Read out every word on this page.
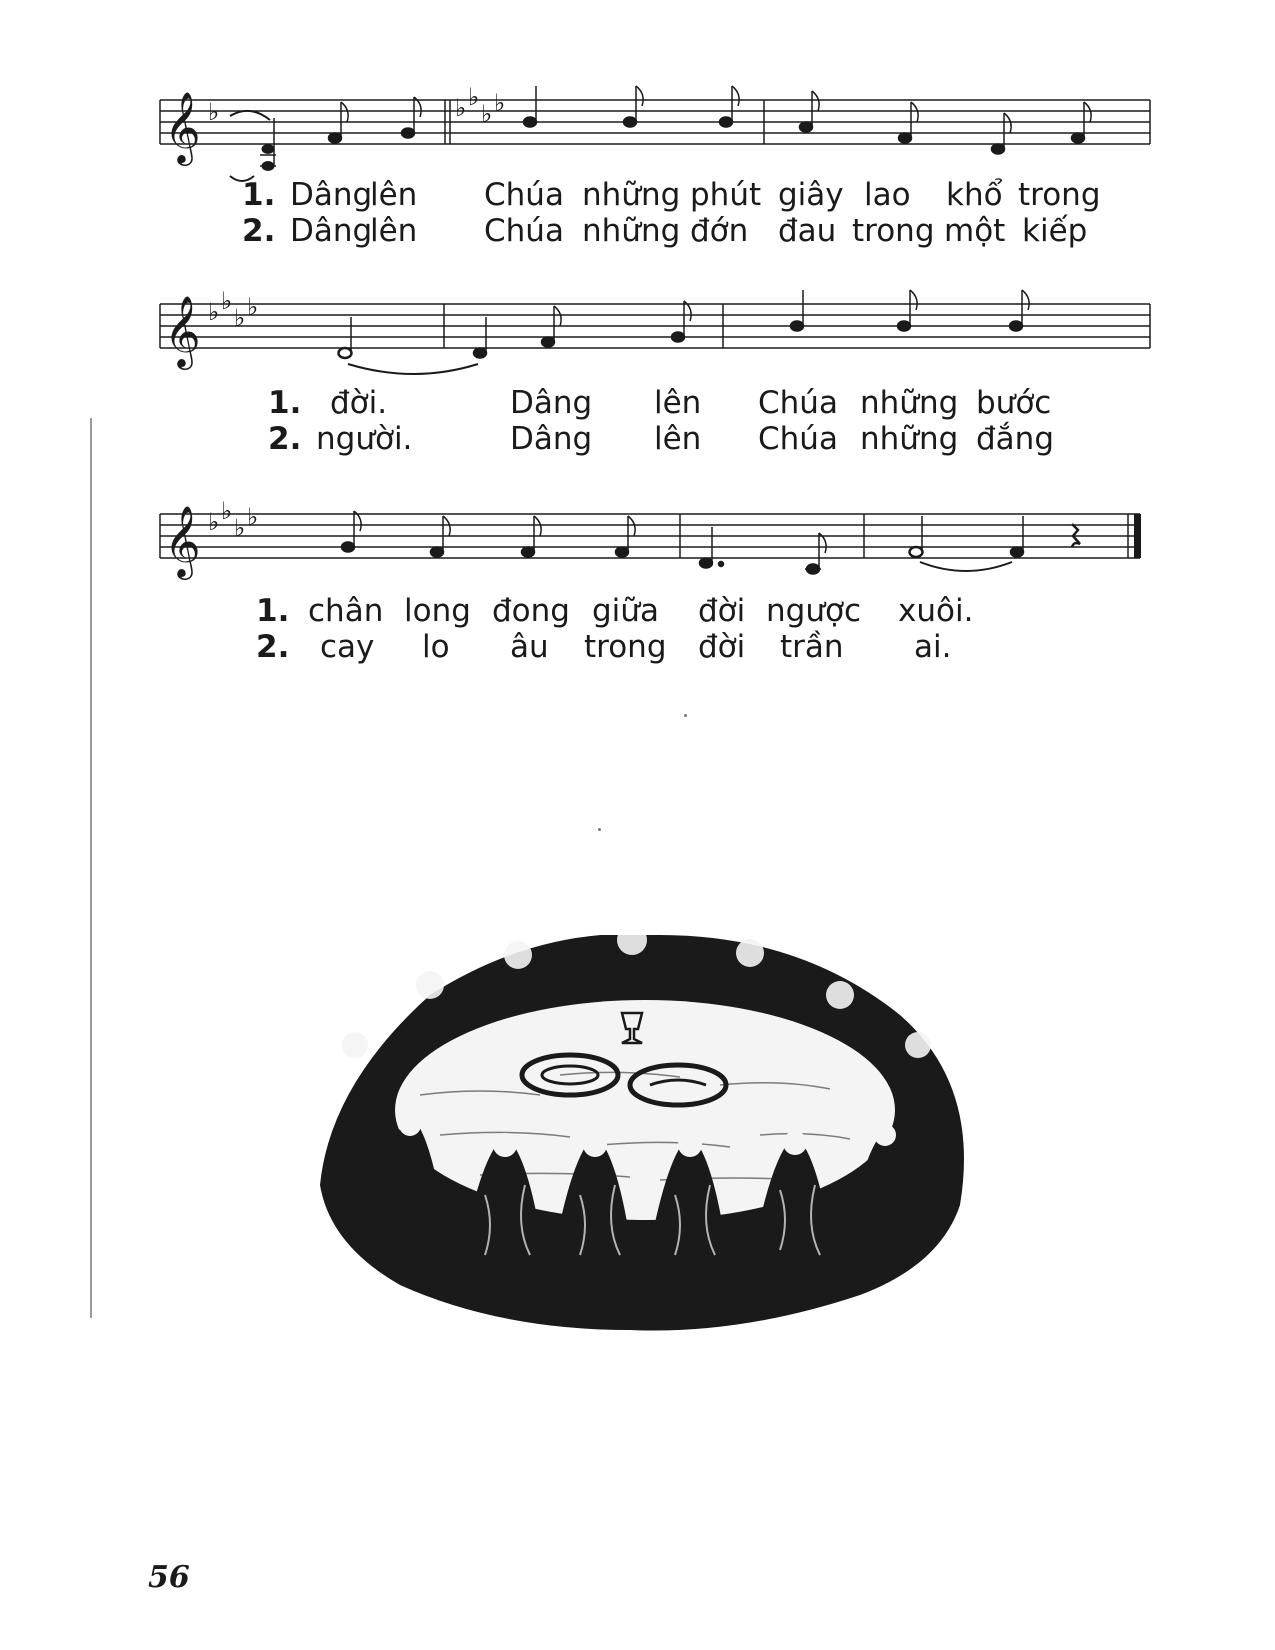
𝄞 ♭	♭ ♭
♭ ♭
1. Dâng
lên Chúa những phút giây lao khổ trong
2. Dâng
lên Chúa những đớn đau trong một kiếp
𝄞 ♭ ♭
♭ ♭
1. đời.	Dâng lên Chúa những bước
2. người.	Dâng lên Chúa những đắng
𝄞 ♭ ♭
♭ ♭
1. chân long đong giữa đời ngược xuôi.
2. cay lo âu trong đời trần ai.
56
